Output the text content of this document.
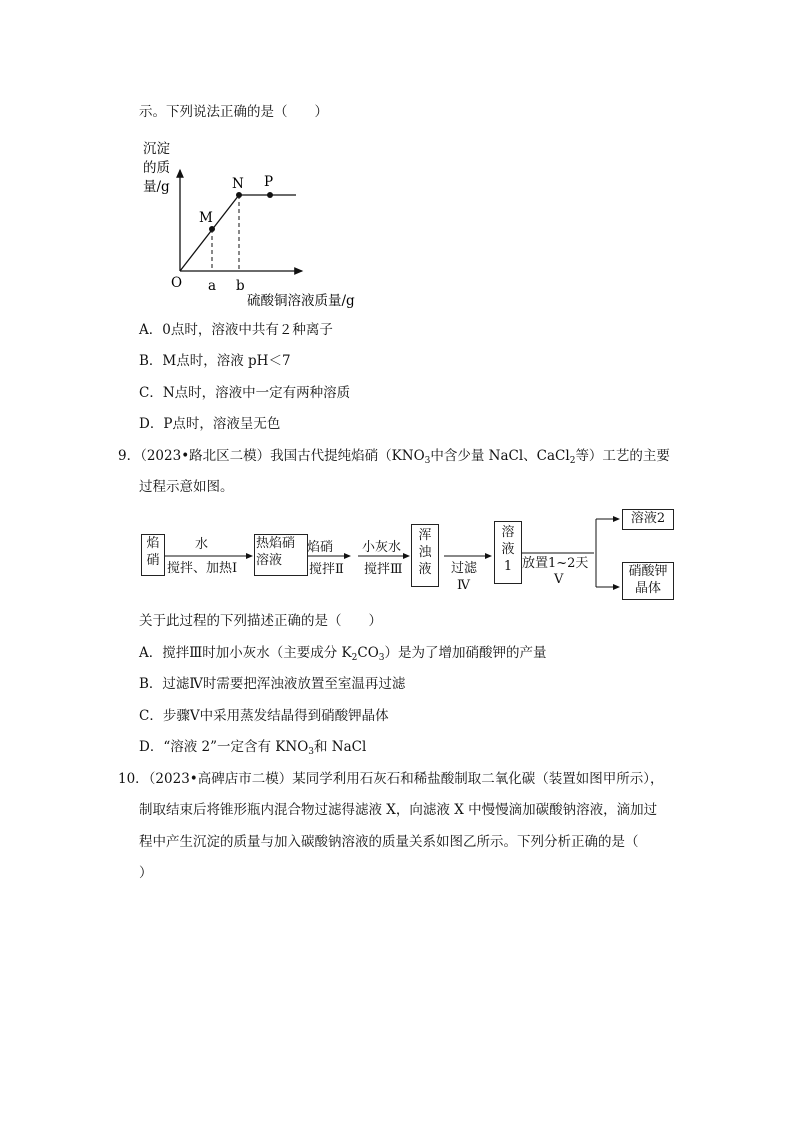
示。下列说法正确的是（　　）
沉淀
的质
量/g
O
M
N P
a b
硫酸铜溶液质量/g
A．0点时，溶液中共有２种离子
B．M点时，溶液 pH＜7
C．N点时，溶液中一定有两种溶质
D．P点时，溶液呈无色
9．（2023•路北区二模）我国古代提纯焰硝（$KNO_3$中含少量 NaCl、CaCl$_2$等）工艺的主要
过程示意如图。
焰
硝
水
搅拌、加热Ⅰ
热焰硝
溶液
焰硝
搅拌Ⅱ
小灰水
搅拌Ⅲ
浑
浊
液	过滤
Ⅳ
溶
液
1 放置1~2天
Ⅴ
溶液2
硝酸钾
晶体
关于此过程的下列描述正确的是（　　）
A．搅拌Ⅲ时加小灰水（主要成分 $K_2CO_3$）是为了增加硝酸钾的产量
B．过滤Ⅳ时需要把浑浊液放置至室温再过滤
C．步骤Ⅴ中采用蒸发结晶得到硝酸钾晶体
D．“溶液 2”一定含有 $KNO_3$和 NaCl
10．（2023•高碑店市二模）某同学利用石灰石和稀盐酸制取二氧化碳（装置如图甲所示），
制取结束后将锥形瓶内混合物过滤得滤液 X，向滤液 X 中慢慢滴加碳酸钠溶液，滴加过
程中产生沉淀的质量与加入碳酸钠溶液的质量关系如图乙所示。下列分析正确的是（
）
